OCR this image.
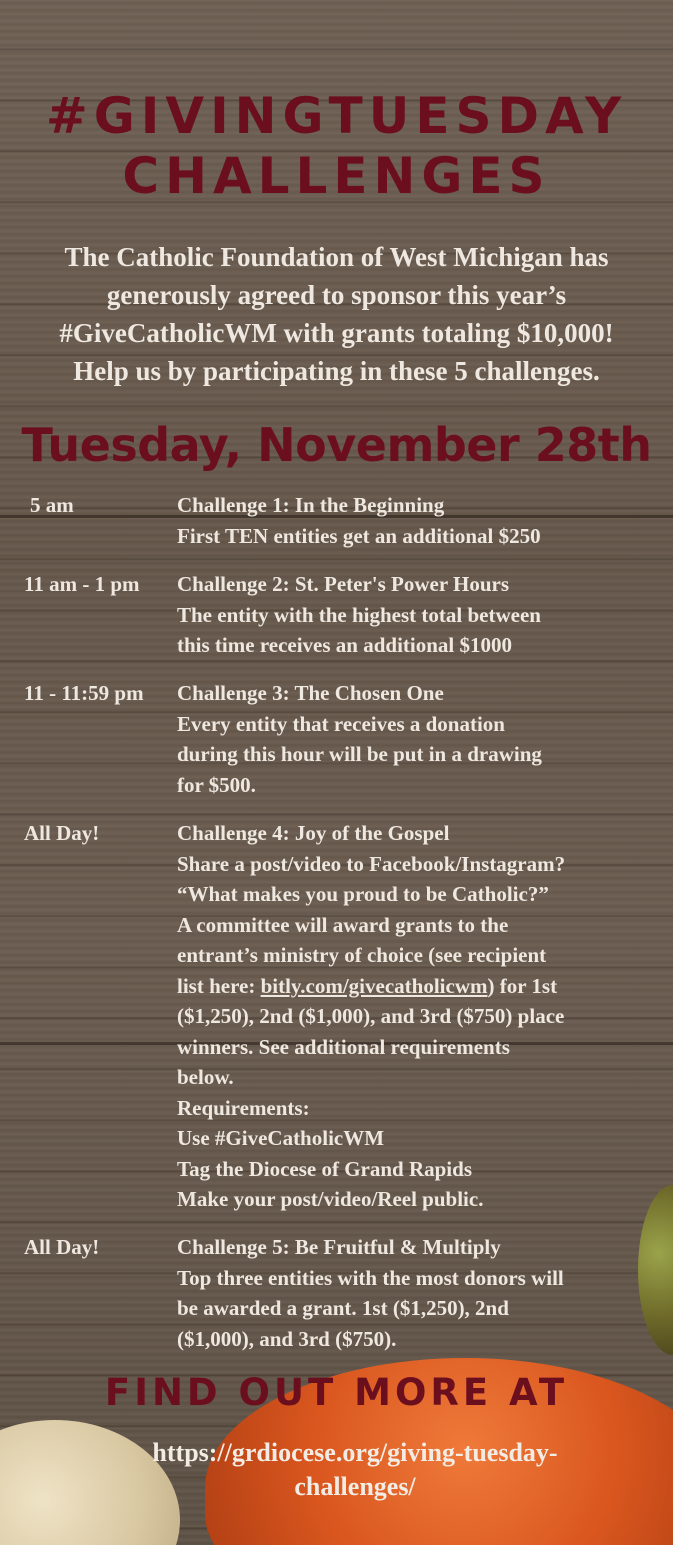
#GIVINGTUESDAY
CHALLENGES
The Catholic Foundation of West Michigan has
generously agreed to sponsor this year’s
#GiveCatholicWM with grants totaling $10,000!
Help us by participating in these 5 challenges.
Tuesday, November 28th
5 am	Challenge 1: In the Beginning
First TEN entities get an additional $250
11 am - 1 pm	Challenge 2: St. Peter's Power Hours
The entity with the highest total between
this time receives an additional $1000
11 - 11:59 pm	Challenge 3: The Chosen One
Every entity that receives a donation
during this hour will be put in a drawing
for $500.
All Day!	Challenge 4: Joy of the Gospel
Share a post/video to Facebook/Instagram?
“What makes you proud to be Catholic?”
A committee will award grants to the
entrant’s ministry of choice (see recipient
list here: bitly.com/givecatholicwm) for 1st
($1,250), 2nd ($1,000), and 3rd ($750) place
winners. See additional requirements
below.
Requirements:
Use #GiveCatholicWM
Tag the Diocese of Grand Rapids
Make your post/video/Reel public.
All Day!	Challenge 5: Be Fruitful & Multiply
Top three entities with the most donors will
be awarded a grant. 1st ($1,250), 2nd
($1,000), and 3rd ($750).
FIND OUT MORE AT
https://grdiocese.org/giving-tuesday-
challenges/
